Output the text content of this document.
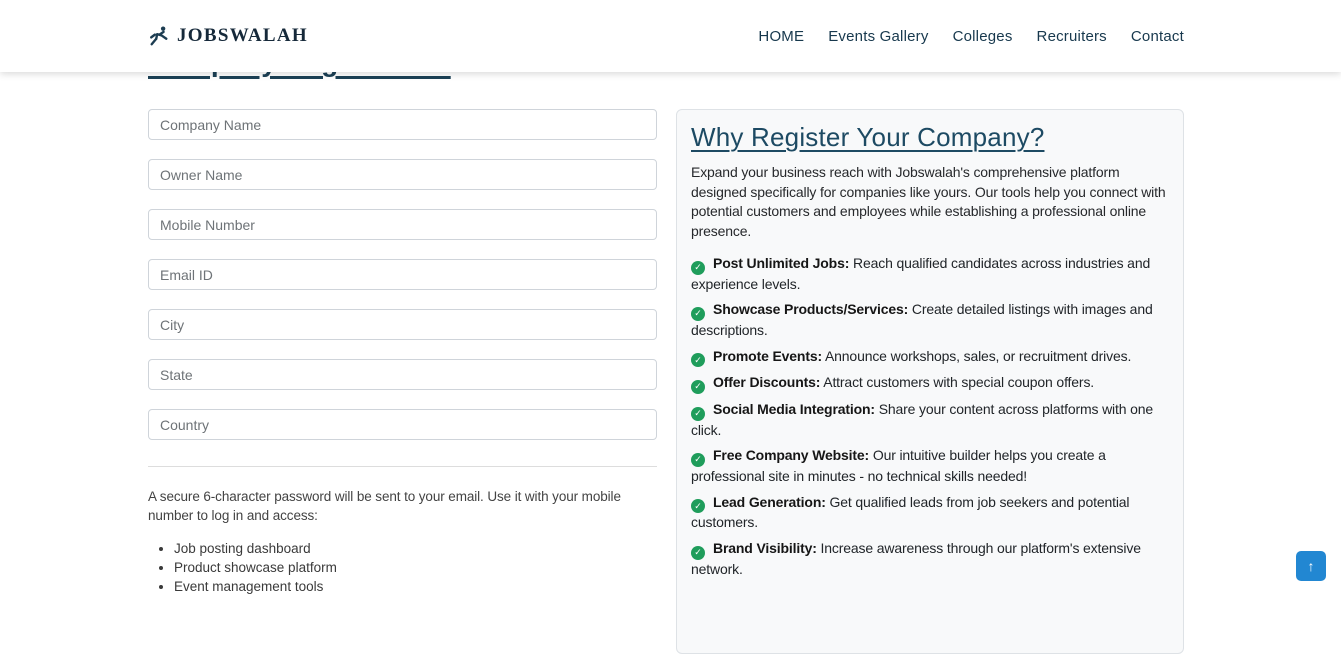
JOBSWALAH	HOME Events Gallery Colleges Recruiters Contact
Company Name
Owner Name
Mobile Number
Email ID
City
State
Country

A secure 6-character password will be sent to your email. Use it with your mobile number to log in and access:

• Job posting dashboard
• Product showcase platform
• Event management tools
Why Register Your Company?

Expand your business reach with Jobswalah's comprehensive platform designed specifically for companies like yours. Our tools help you connect with potential customers and employees while establishing a professional online presence.

✓ Post Unlimited Jobs: Reach qualified candidates across industries and experience levels.
✓ Showcase Products/Services: Create detailed listings with images and descriptions.
✓ Promote Events: Announce workshops, sales, or recruitment drives.
✓ Offer Discounts: Attract customers with special coupon offers.
✓ Social Media Integration: Share your content across platforms with one click.
✓ Free Company Website: Our intuitive builder helps you create a professional site in minutes - no technical skills needed!
✓ Lead Generation: Get qualified leads from job seekers and potential customers.
✓ Brand Visibility: Increase awareness through our platform's extensive network.	↑
